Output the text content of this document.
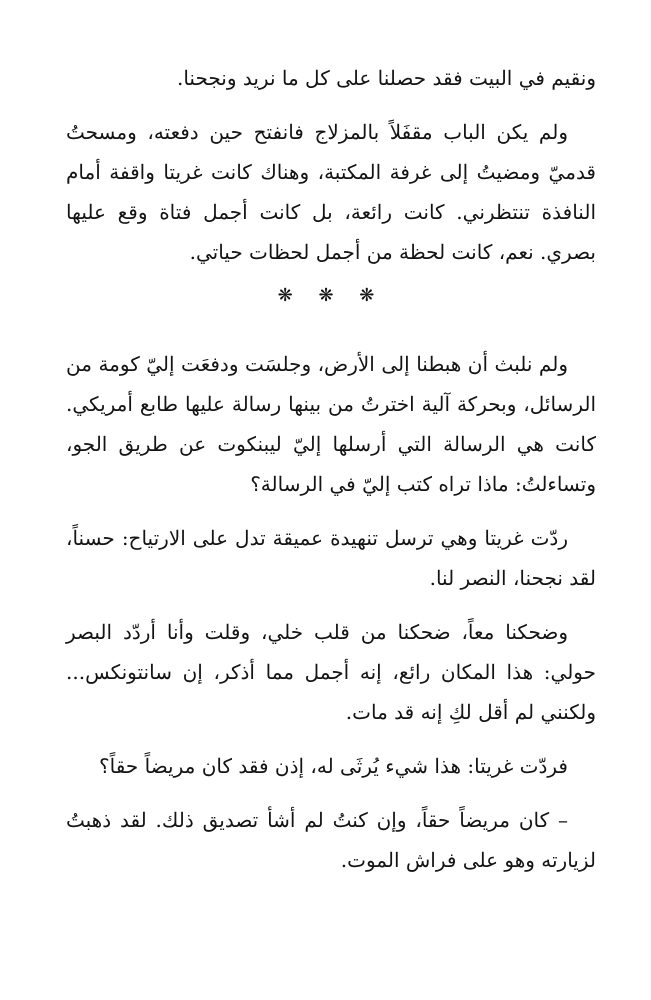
ونقيم في البيت فقد حصلنا على كل ما نريد ونجحنا.

ولم يكن الباب مقفَلاً بالمزلاج فانفتح حين دفعته، ومسحتُ قدميّ ومضيتُ إلى غرفة المكتبة، وهناك كانت غريتا واقفة أمام النافذة تنتظرني. كانت رائعة، بل كانت أجمل فتاة وقع عليها بصري. نعم، كانت لحظة من أجمل لحظات حياتي.

❋ ❋ ❋

ولم نلبث أن هبطنا إلى الأرض، وجلسَت ودفعَت إليّ كومة من الرسائل، وبحركة آلية اخترتُ من بينها رسالة عليها طابع أمريكي. كانت هي الرسالة التي أرسلها إليّ ليبنكوت عن طريق الجو، وتساءلتُ: ماذا تراه كتب إليّ في الرسالة؟

ردّت غريتا وهي ترسل تنهيدة عميقة تدل على الارتياح: حسناً، لقد نجحنا، النصر لنا.

وضحكنا معاً، ضحكنا من قلب خلي، وقلت وأنا أردّد البصر حولي: هذا المكان رائع، إنه أجمل مما أذكر، إن سانتونكس... ولكنني لم أقل لكِ إنه قد مات.

فردّت غريتا: هذا شيء يُرثَى له، إذن فقد كان مريضاً حقاً؟

– كان مريضاً حقاً، وإن كنتُ لم أشأ تصديق ذلك. لقد ذهبتُ لزيارته وهو على فراش الموت.
